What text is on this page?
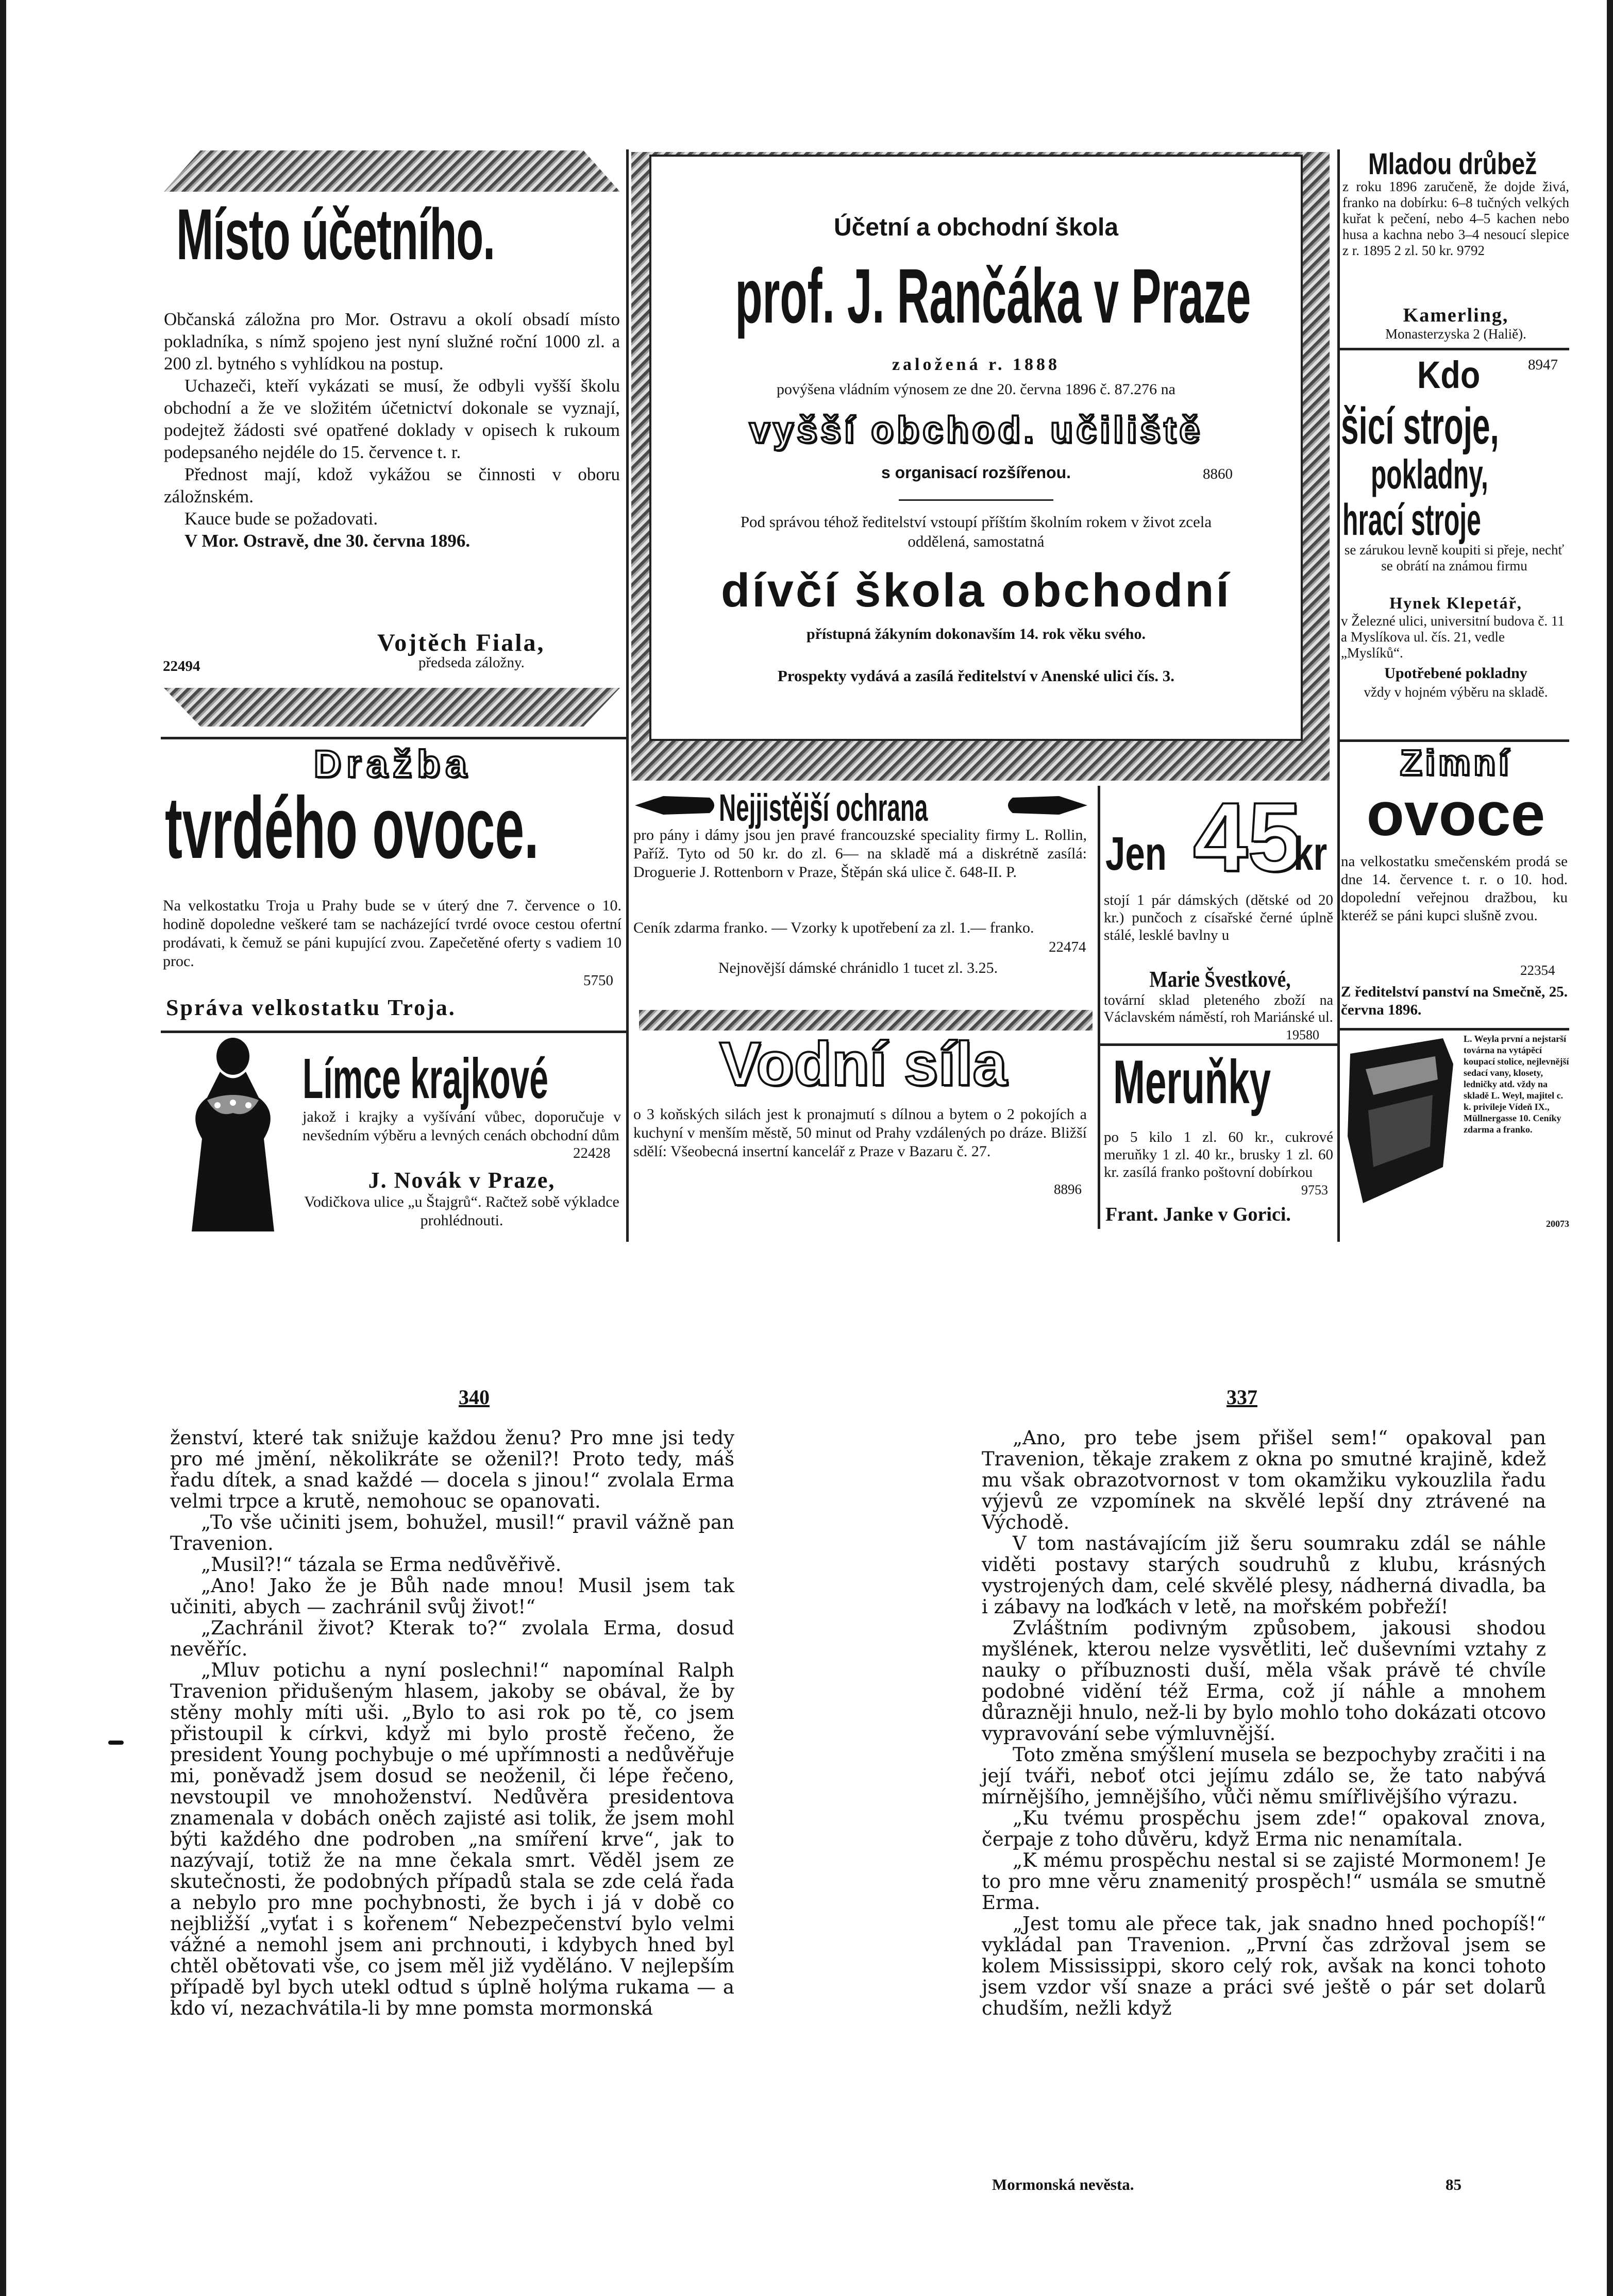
Místo účetního.

Občanská záložna pro Mor. Ostravu a okolí obsadí místo pokladníka, s nímž spojeno jest nyní služné roční 1000 zl. a 200 zl. bytného s vyhlídkou na postup.

Uchazeči, kteří vykázati se musí, že odbyli vyšší školu obchodní a že ve složitém účetnictví dokonale se vyznají, podejtež žádosti své opatřené doklady v opisech k rukoum podepsaného nejdéle do 15. července t. r.

Přednost mají, kdož vykážou se činnosti v oboru záložnském.

Kauce bude se požadovati.

V Mor. Ostravě, dne 30. června 1896.

Vojtěch Fiala,
22494	předseda záložny.
Účetní a obchodní škola
prof. J. Rančáka v Praze
založená r. 1888
povýšena vládním výnosem ze dne 20. června 1896 č. 87.276 na
vyšší obchod. učiliště
s organisací rozšířenou.	8860
Pod správou téhož ředitelství vstoupí příštím školním rokem v život zcela oddělená, samostatná
dívčí škola obchodní
přístupná žákyním dokonavším 14. rok věku svého.
Prospekty vydává a zasílá ředitelství v Anenské ulici čís. 3.
Mladou drůbež

z roku 1896 zaručeně, že dojde živá, franko na dobírku: 6–8 tučných velkých kuřat k pečení, nebo 4–5 kachen nebo husa a kachna nebo 3–4 nesoucí slepice z r. 1895 2 zl. 50 kr. 9792

Kamerling,
Monasterzyska 2 (Haliě).
Kdo	8947
šicí stroje,
pokladny,
hrací stroje

se zárukou levně koupiti si přeje, nechť se obrátí na známou firmu

Hynek Klepetář,

v Železné ulici, universitní budova č. 11 a Myslíkova ul. čís. 21, vedle „Myslíků“.

Upotřebené pokladny
vždy v hojném výběru na skladě.
Dražba
tvrdého ovoce.

Na velkostatku Troja u Prahy bude se v úterý dne 7. července o 10. hodině dopoledne veškeré tam se nacházející tvrdé ovoce cestou ofertní prodávati, k čemuž se páni kupující zvou. Zapečetěné oferty s vadiem 10 proc.

5750
Správa velkostatku Troja.
Límce krajkové

jakož i krajky a vyšívání vůbec, doporučuje v nevšedním výběru a levných cenách obchodní dům

22428
J. Novák v Praze,

Vodičkova ulice „u Štajgrů“. Račtež sobě výkladce prohlédnouti.

Nejjistější ochrana

pro pány i dámy jsou jen pravé francouzské speciality firmy L. Rollin, Paříž. Tyto od 50 kr. do zl. 6— na skladě má a diskrétně zasílá: Droguerie J. Rottenborn v Praze, Štěpán ská ulice č. 648-II. P.

Ceník zdarma franko. — Vzorky k upotřebení za zl. 1.— franko.

22474
Nejnovější dámské chránidlo 1 tucet zl. 3.25.
Jen 45
kr

stojí 1 pár dámských (dětské od 20 kr.) punčoch z císařské černé úplně stálé, lesklé bavlny u

Marie Švestkové,

tovární sklad pleteného zboží na Václavském náměstí, roh Mariánské ul.

19580
Zimní
ovoce

na velkostatku smečenském prodá se dne 14. července t. r. o 10. hod. dopolední veřejnou dražbou, ku kteréž se páni kupci slušně zvou.

22354

Z ředitelství panství na Smečně, 25. června 1896.

Vodní síla

o 3 koňských silách jest k pronajmutí s dílnou a bytem o 2 pokojích a kuchyní v menším městě, 50 minut od Prahy vzdálených po dráze. Bližší sdělí: Všeobecná insertní kancelář z Praze v Bazaru č. 27.

8896
Meruňky

po 5 kilo 1 zl. 60 kr., cukrové meruňky 1 zl. 40 kr., brusky 1 zl. 60 kr. zasílá franko poštovní dobírkou

9753
Frant. Janke v Gorici.

L. Weyla první a nejstarší továrna na vytápěcí koupací stolice, nejlevnější sedací vany, klosety, ledničky atd. vždy na skladě L. Weyl, majitel c. k. privileje Vídeň IX., Müllnergasse 10. Ceníky zdarma a franko.

20073
340	337

ženství, které tak snižuje každou ženu? Pro mne jsi tedy pro mé jmění, několikráte se oženil?! Proto tedy, máš řadu dítek, a snad každé — docela s jinou!“ zvolala Erma velmi trpce a krutě, nemohouc se opanovati.

„To vše učiniti jsem, bohužel, musil!“ pravil vážně pan Travenion.

„Musil?!“ tázala se Erma nedůvěřivě.

„Ano! Jako že je Bůh nade mnou! Musil jsem tak učiniti, abych — zachránil svůj život!“

„Zachránil život? Kterak to?“ zvolala Erma, dosud nevěříc.

„Mluv potichu a nyní poslechni!“ napomínal Ralph Travenion přidušeným hlasem, jakoby se obával, že by stěny mohly míti uši. „Bylo to asi rok po tě, co jsem přistoupil k církvi, když mi bylo prostě řečeno, že president Young pochybuje o mé upřímnosti a nedůvěřuje mi, poněvadž jsem dosud se neoženil, či lépe řečeno, nevstoupil ve mnohoženství. Nedůvěra presidentova znamenala v dobách oněch zajisté asi tolik, že jsem mohl býti každého dne podroben „na smíření krve“, jak to nazývají, totiž že na mne čekala smrt. Věděl jsem ze skutečnosti, že podobných případů stala se zde celá řada a nebylo pro mne pochybnosti, že bych i já v době co nejbližší „vyťat i s kořenem“ Nebezpečenství bylo velmi vážné a nemohl jsem ani prchnouti, i kdybych hned byl chtěl obětovati vše, co jsem měl již vyděláno. V nejlepším případě byl bych utekl odtud s úplně holýma rukama — a kdo ví, nezachvátila-li by mne pomsta mormonská

„Ano, pro tebe jsem přišel sem!“ opakoval pan Travenion, těkaje zrakem z okna po smutné krajině, kdež mu však obrazotvornost v tom okamžiku vykouzlila řadu výjevů ze vzpomínek na skvělé lepší dny ztrávené na Východě.

V tom nastávajícím již šeru soumraku zdál se náhle viděti postavy starých soudruhů z klubu, krásných vystrojených dam, celé skvělé plesy, nádherná divadla, ba i zábavy na loďkách v letě, na mořském pobřeží!

Zvláštním podivným způsobem, jakousi shodou myšlének, kterou nelze vysvětliti, leč duševními vztahy z nauky o příbuznosti duší, měla však právě té chvíle podobné vidění též Erma, což jí náhle a mnohem důrazněji hnulo, než-li by bylo mohlo toho dokázati otcovo vypravování sebe výmluvnější.

Toto změna smýšlení musela se bezpochyby zračiti i na její tváři, neboť otci jejímu zdálo se, že tato nabývá mírnějšího, jemnějšího, vůči němu smířlivějšího výrazu.

„Ku tvému prospěchu jsem zde!“ opakoval znova, čerpaje z toho důvěru, když Erma nic nenamítala.

„K mému prospěchu nestal si se zajisté Mormonem! Je to pro mne věru znamenitý prospěch!“ usmála se smutně Erma.

„Jest tomu ale přece tak, jak snadno hned pochopíš!“ vykládal pan Travenion. „První čas zdržoval jsem se kolem Mississippi, skoro celý rok, avšak na konci tohoto jsem vzdor vší snaze a práci své ještě o pár set dolarů chudším, nežli když

Mormonská nevěsta.	85
